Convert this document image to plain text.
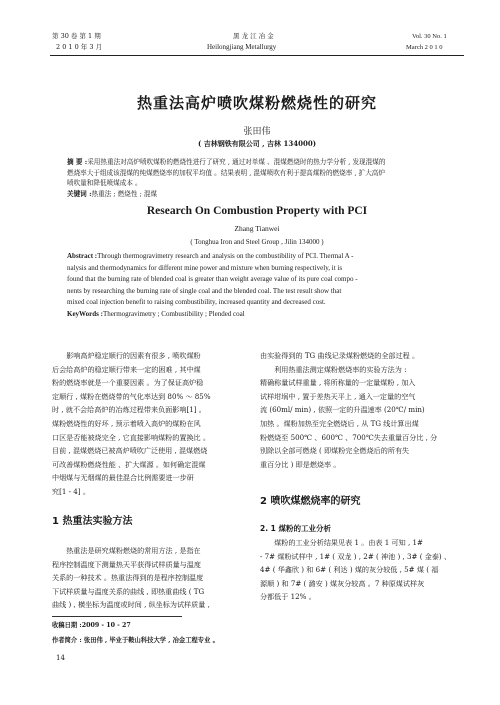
第 30 卷 第 1 期
2 0 1 0 年 3 月
黑 龙 江 冶 金
Heilongjiang Metallurgy
Vol. 30 No. 1
March 2 0 1 0
热重法高炉喷吹煤粉燃烧性的研究
张田伟
( 吉林钢铁有限公司 , 吉林 134000)

摘 要 :采用热重法对高炉喷吹煤粉的燃烧性进行了研究 , 通过对单煤 、混煤燃烧时的热力学分析 , 发现混煤的

燃烧率大于组成该混煤的纯煤燃烧率的加权平均值 。结果表明 , 混煤喷吹有利于提高煤粉的燃烧率 , 扩大高炉

喷吹量和降低喷煤成本 。

关键词 :热重法 ; 燃烧性 ; 混煤

Research On Combustion Property with PCI
Zhang Tianwei
( Tonghua Iron and Steel Group , Jilin 134000 )

Abstract :Through thermogravimetry research and analysis on the combustibility of PCI. Thermal A -

nalysis and thermodynamics for different mine power and mixture when burning respectively, it is

found that the burning rate of blended coal is greater than weight average value of its pure coal compo -

nents by researching the burning rate of single coal and the blended coal. The test result show that

mixed coal injection benefit to raising combustibility, increased quantity and decreased cost.

KeyWords :Thermogravimetry ; Combustibility ; Plended coal

影响高炉稳定顺行的因素有很多 , 喷吹煤粉

后会给高炉的稳定顺行带来一定的困难 , 其中煤

粉的燃烧率就是一个重要因素 。为了保证高炉稳

定顺行 , 煤粉在燃烧带的气化率达到 80% ～ 85%

时 , 就不会给高炉的冶炼过程带来负面影响[1] 。

煤粉燃烧性的好坏 , 预示着喷入高炉的煤粉在风

口区是否能被烧完全 , 它直接影响煤粉的置换比 。

目前 , 混煤燃烧已被高炉喷吹广泛使用 , 混煤燃烧

可改善煤粉燃烧性能 、扩大煤源 。如何确定混煤

中烟煤与无烟煤的最佳混合比例需要进一步研

究[1 - 4] 。

1 热重法实验方法

热重法是研究煤粉燃烧的常用方法 , 是指在

程序控制温度下测量热天平获得试样质量与温度

关系的一种技术 。热重法得到的是程序控制温度

下试样质量与温度关系的曲线 , 即热重曲线 ( TG

曲线 ) , 横坐标为温度或时间 , 纵坐标为试样质量 ,

收稿日期 :2009 - 10 - 27
作者简介 : 张田伟 , 毕业于鞍山科技大学 , 冶金工程专业 。
14

由实验得到的 TG 曲线记录煤粉燃烧的全部过程 。

利用热重法测定煤粉燃烧率的实验方法为 :

精确称量试样重量 , 将所称量的一定量煤粉 , 加入

试样坩埚中 , 置于差热天平上 , 通入一定量的空气

流 (60ml/ min) , 依照一定的升温速率 (20℃/ min)

加热 。煤粉加热至完全燃烧后 , 从 TG 线计算出煤

粉燃烧至 500℃ 、600℃ 、700℃失去重量百分比 , 分

别除以全部可燃烧 ( 即煤粉完全燃烧后的所有失

重百分比 ) 即是燃烧率 。

2 喷吹煤燃烧率的研究
2. 1 煤粉的工业分析

煤粉的工业分析结果见表 1 。由表 1 可知 , 1#

- 7# 煤粉试样中 , 1# ( 双龙 ) , 2# ( 神池 ) , 3# ( 金泰) 、

4# ( 华鑫欣 ) 和 6# ( 利达 ) 煤的灰分较低 , 5# 煤 ( 福

源顺 ) 和 7# ( 潞安 ) 煤灰分较高 。7 种原煤试样灰

分都低于 12% 。
